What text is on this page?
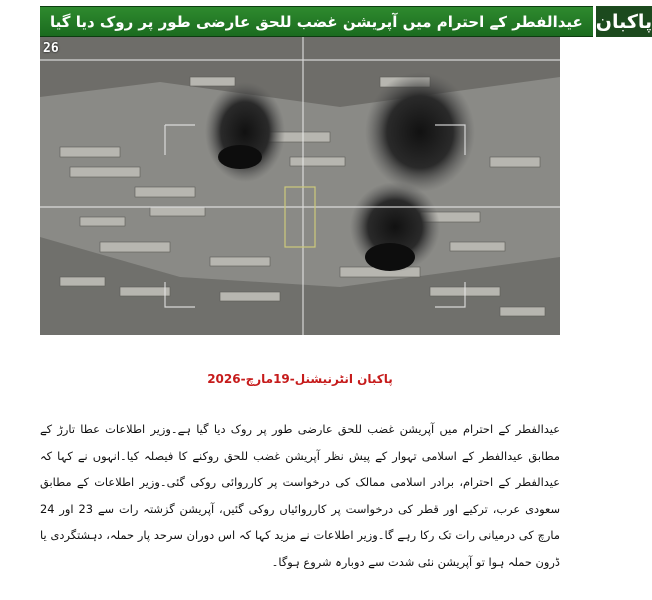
عیدالفطر کے احترام میں آپریشن غضب للحق عارضی طور پر روک دیا گیا پاکبان
26
پاکبان انٹرنیشنل-19مارچ-2026
عیدالفطر کے احترام میں آپریشن غضب للحق عارضی طور پر روک دیا گیا ہے۔وزیر اطلاعات عطا تارڑ کے مطابق عیدالفطر کے اسلامی تہوار کے پیش نظر آپریشن غضب للحق روکنے کا فیصلہ کیا۔انہوں نے کہا کہ عیدالفطر کے احترام، برادر اسلامی ممالک کی درخواست پر کارروائی روکی گئی۔وزیر اطلاعات کے مطابق سعودی عرب، ترکیے اور قطر کی درخواست پر کارروائیاں روکی گئیں، آپریشن گزشتہ رات سے 23 اور 24 مارچ کی درمیانی رات تک رکا رہے گا۔وزیر اطلاعات نے مزید کہا کہ اس دوران سرحد پار حملہ، دہشتگردی یا ڈرون حملہ ہوا تو آپریشن نئی شدت سے دوبارہ شروع ہوگا۔
